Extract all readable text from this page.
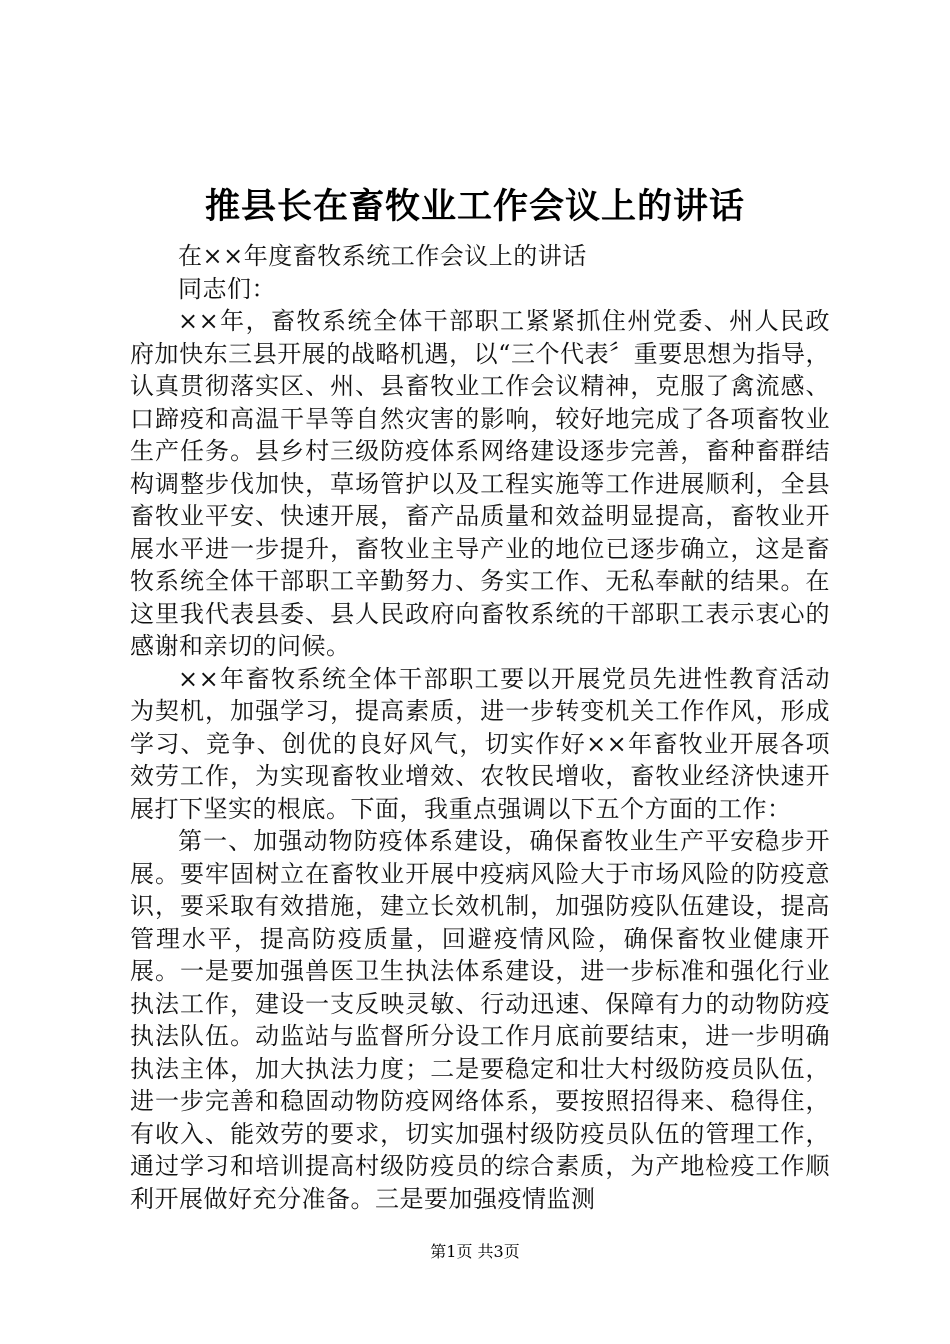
推县长在畜牧业工作会议上的讲话

在××年度畜牧系统工作会议上的讲话

同志们：

××年，畜牧系统全体干部职工紧紧抓住州党委、州人民政府加快东三县开展的战略机遇，以“三个代表〞重要思想为指导，认真贯彻落实区、州、县畜牧业工作会议精神，克服了禽流感、口蹄疫和高温干旱等自然灾害的影响，较好地完成了各项畜牧业生产任务。县乡村三级防疫体系网络建设逐步完善，畜种畜群结构调整步伐加快，草场管护以及工程实施等工作进展顺利，全县畜牧业平安、快速开展，畜产品质量和效益明显提高，畜牧业开展水平进一步提升，畜牧业主导产业的地位已逐步确立，这是畜牧系统全体干部职工辛勤努力、务实工作、无私奉献的结果。在这里我代表县委、县人民政府向畜牧系统的干部职工表示衷心的感谢和亲切的问候。

××年畜牧系统全体干部职工要以开展党员先进性教育活动为契机，加强学习，提高素质，进一步转变机关工作作风，形成学习、竞争、创优的良好风气，切实作好××年畜牧业开展各项效劳工作，为实现畜牧业增效、农牧民增收，畜牧业经济快速开展打下坚实的根底。下面，我重点强调以下五个方面的工作：

第一、加强动物防疫体系建设，确保畜牧业生产平安稳步开展。要牢固树立在畜牧业开展中疫病风险大于市场风险的防疫意识，要采取有效措施，建立长效机制，加强防疫队伍建设，提高管理水平，提高防疫质量，回避疫情风险，确保畜牧业健康开展。一是要加强兽医卫生执法体系建设，进一步标准和强化行业执法工作，建设一支反映灵敏、行动迅速、保障有力的动物防疫执法队伍。动监站与监督所分设工作月底前要结束，进一步明确执法主体，加大执法力度；二是要稳定和壮大村级防疫员队伍，进一步完善和稳固动物防疫网络体系，要按照招得来、稳得住，有收入、能效劳的要求，切实加强村级防疫员队伍的管理工作，通过学习和培训提高村级防疫员的综合素质，为产地检疫工作顺利开展做好充分准备。三是要加强疫情监测

第1页 共3页
